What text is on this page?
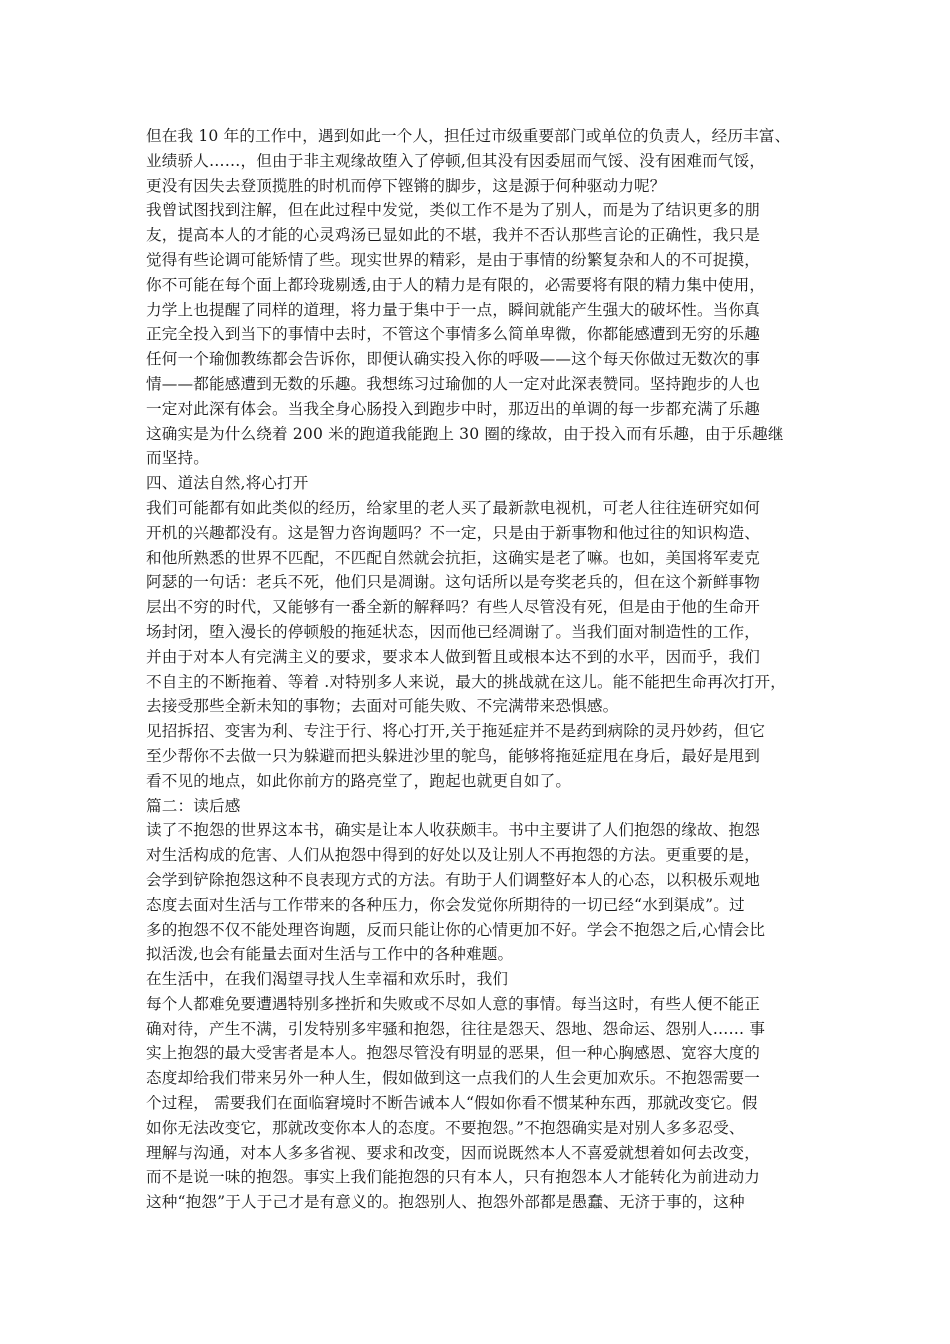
但在我 10 年的工作中，遇到如此一个人，担任过市级重要部门或单位的负责人，经历丰富、
业绩骄人……，但由于非主观缘故堕入了停顿,但其没有因委屈而气馁、没有困难而气馁，
更没有因失去登顶揽胜的时机而停下铿锵的脚步，这是源于何种驱动力呢？
我曾试图找到注解，但在此过程中发觉，类似工作不是为了别人，而是为了结识更多的朋
友，提高本人的才能的心灵鸡汤已显如此的不堪，我并不否认那些言论的正确性，我只是
觉得有些论调可能矫情了些。现实世界的精彩，是由于事情的纷繁复杂和人的不可捉摸，
你不可能在每个面上都玲珑剔透,由于人的精力是有限的，必需要将有限的精力集中使用，
力学上也提醒了同样的道理，将力量于集中于一点，瞬间就能产生强大的破坏性。当你真
正完全投入到当下的事情中去时，不管这个事情多么简单卑微，你都能感遭到无穷的乐趣
任何一个瑜伽教练都会告诉你，即便认确实投入你的呼吸——这个每天你做过无数次的事
情——都能感遭到无数的乐趣。我想练习过瑜伽的人一定对此深表赞同。坚持跑步的人也
一定对此深有体会。当我全身心肠投入到跑步中时，那迈出的单调的每一步都充满了乐趣
这确实是为什么绕着 200 米的跑道我能跑上 30 圈的缘故，由于投入而有乐趣，由于乐趣继
而坚持。
四、道法自然,将心打开
我们可能都有如此类似的经历，给家里的老人买了最新款电视机，可老人往往连研究如何
开机的兴趣都没有。这是智力咨询题吗？不一定，只是由于新事物和他过往的知识构造、
和他所熟悉的世界不匹配，不匹配自然就会抗拒，这确实是老了嘛。也如，美国将军麦克
阿瑟的一句话：老兵不死，他们只是凋谢。这句话所以是夸奖老兵的，但在这个新鲜事物
层出不穷的时代，又能够有一番全新的解释吗？有些人尽管没有死，但是由于他的生命开
场封闭，堕入漫长的停顿般的拖延状态，因而他已经凋谢了。当我们面对制造性的工作，
并由于对本人有完满主义的要求，要求本人做到暂且或根本达不到的水平，因而乎，我们
不自主的不断拖着、等着 .对特别多人来说，最大的挑战就在这儿。能不能把生命再次打开，
去接受那些全新未知的事物；去面对可能失败、不完满带来恐惧感。
见招拆招、变害为利、专注于行、将心打开,关于拖延症并不是药到病除的灵丹妙药，但它
至少帮你不去做一只为躲避而把头躲进沙里的鸵鸟，能够将拖延症甩在身后，最好是甩到
看不见的地点，如此你前方的路亮堂了，跑起也就更自如了。
篇二：读后感
读了不抱怨的世界这本书，确实是让本人收获颇丰。书中主要讲了人们抱怨的缘故、抱怨
对生活构成的危害、人们从抱怨中得到的好处以及让别人不再抱怨的方法。更重要的是，
会学到铲除抱怨这种不良表现方式的方法。有助于人们调整好本人的心态，以积极乐观地
态度去面对生活与工作带来的各种压力，你会发觉你所期待的一切已经“水到渠成”。过
多的抱怨不仅不能处理咨询题，反而只能让你的心情更加不好。学会不抱怨之后,心情会比
拟活泼,也会有能量去面对生活与工作中的各种难题。
在生活中，在我们渴望寻找人生幸福和欢乐时，我们
每个人都难免要遭遇特别多挫折和失败或不尽如人意的事情。每当这时，有些人便不能正
确对待，产生不满，引发特别多牢骚和抱怨，往往是怨天、怨地、怨命运、怨别人…… 事
实上抱怨的最大受害者是本人。抱怨尽管没有明显的恶果，但一种心胸感恩、宽容大度的
态度却给我们带来另外一种人生，假如做到这一点我们的人生会更加欢乐。不抱怨需要一
个过程， 需要我们在面临窘境时不断告诫本人“假如你看不惯某种东西，那就改变它。假
如你无法改变它，那就改变你本人的态度。不要抱怨。”不抱怨确实是对别人多多忍受、
理解与沟通，对本人多多省视、要求和改变，因而说既然本人不喜爱就想着如何去改变，
而不是说一味的抱怨。事实上我们能抱怨的只有本人，只有抱怨本人才能转化为前进动力
这种“抱怨”于人于己才是有意义的。抱怨别人、抱怨外部都是愚蠢、无济于事的，这种
